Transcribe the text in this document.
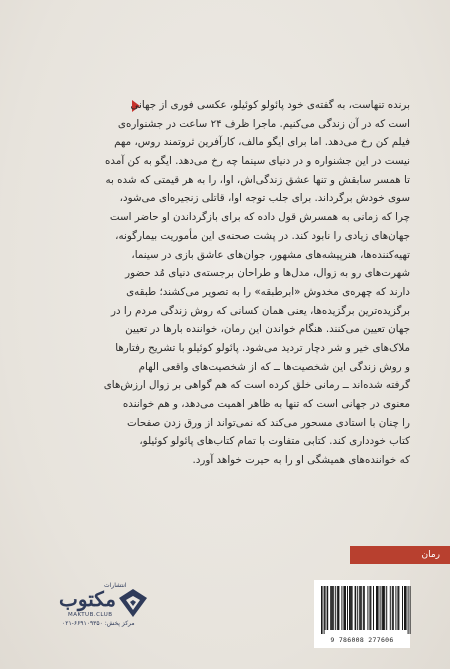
برنده تنهاست، به گفته‌ی خود پائولو کوئیلو، عکسی فوری از جهانی
است که در آن زندگی می‌کنیم. ماجرا ظرف ۲۴ ساعت در جشنواره‌ی
فیلم کن رخ می‌دهد. اما برای ایگو مالف، کارآفرین ثروتمند روس، مهم
نیست در این جشنواره و در دنیای سینما چه رخ می‌دهد. ایگو به کن آمده
تا همسر سابقش و تنها عشق زندگی‌اش، اوا، را به هر قیمتی که شده به
سوی خودش برگرداند. برای جلب توجه اوا، قاتلی زنجیره‌ای می‌شود،
چرا که زمانی به همسرش قول داده که برای بازگرداندن او حاضر است
جهان‌های زیادی را نابود کند. در پشت صحنه‌ی این مأموریت بیمارگونه،
تهیه‌کننده‌ها، هنرپیشه‌های مشهور، جوان‌های عاشق بازی در سینما،
شهرت‌های رو به زوال، مدل‌ها و طراحان برجسته‌ی دنیای مُد حضور
دارند که چهره‌ی مخدوش «ابرطبقه» را به تصویر می‌کشند؛ طبقه‌ی
برگزیده‌ترین برگزیده‌ها، یعنی همان کسانی که روش زندگی مردم را در
جهان تعیین می‌کنند. هنگام خواندن این رمان، خواننده بارها در تعیین
ملاک‌های خیر و شر دچار تردید می‌شود. پائولو کوئیلو با تشریح رفتارها
و روش زندگی این شخصیت‌ها ــ که از شخصیت‌های واقعی الهام
گرفته شده‌اند ــ رمانی خلق کرده است که هم گواهی بر زوال ارزش‌های
معنوی در جهانی است که تنها به ظاهر اهمیت می‌دهد، و هم خواننده
را چنان با استادی مسحور می‌کند که نمی‌تواند از ورق زدن صفحات
کتاب خودداری کند. کتابی متفاوت با تمام کتاب‌های پائولو کوئیلو،
که خواننده‌های همیشگی او را به حیرت خواهد آورد.
رمان
انتشارات
مکتوب
MAKTUB.CLUB
مرکز پخش: ۶۶۹۱۰۹۳۵۰-۰۲۱
9 786008 277606
